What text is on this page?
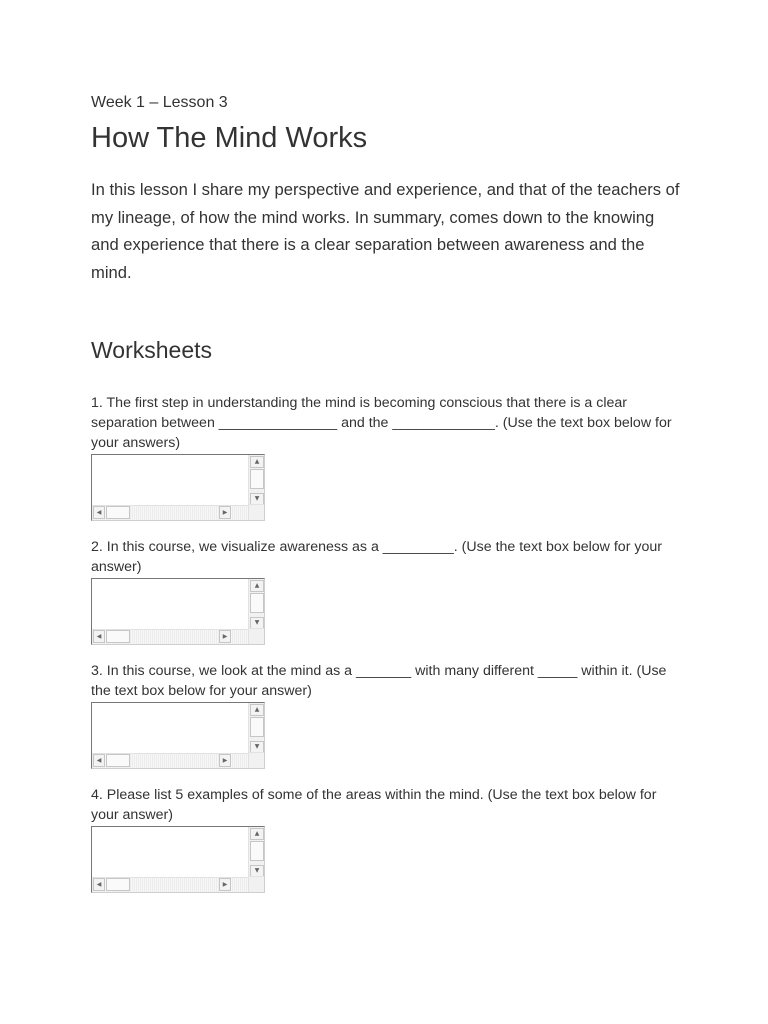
Week 1 – Lesson 3
How The Mind Works

In this lesson I share my perspective and experience, and that of the teachers of my lineage, of how the mind works. In summary, comes down to the knowing and experience that there is a clear separation between awareness and the mind.

Worksheets

1. The first step in understanding the mind is becoming conscious that there is a clear separation between _______________ and the _____________. (Use the text box below for your answers)

▲
▼
◀	▶

2. In this course, we visualize awareness as a _________. (Use the text box below for your answer)

▲
▼
◀	▶

3. In this course, we look at the mind as a _______ with many different _____ within it. (Use the text box below for your answer)

▲
▼
◀	▶

4. Please list 5 examples of some of the areas within the mind. (Use the text box below for your answer)

▲
▼
◀	▶
